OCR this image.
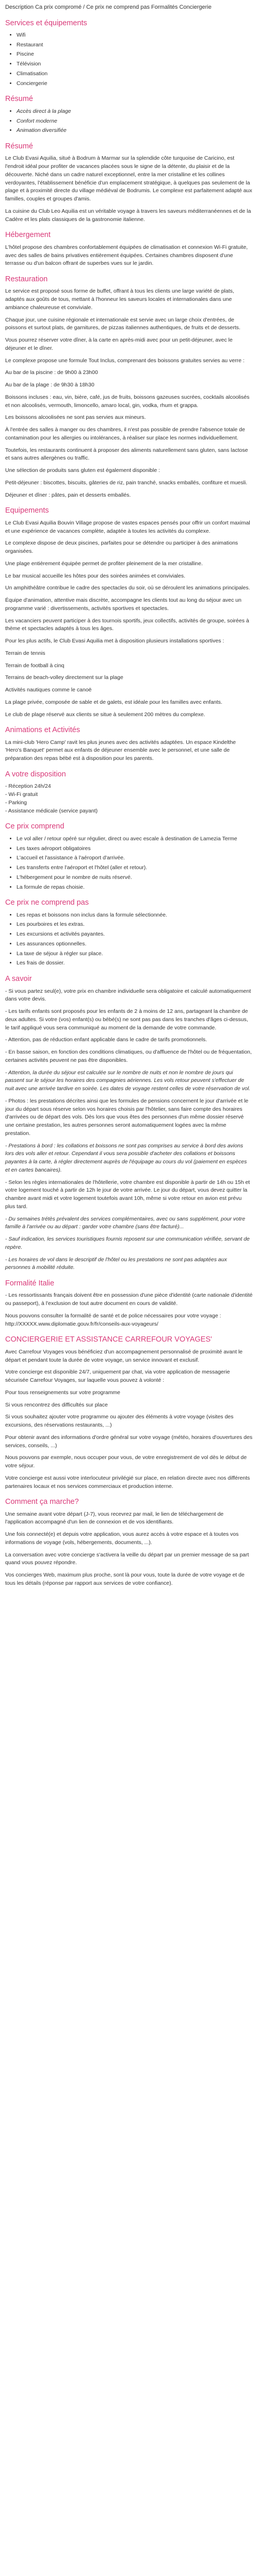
Description Ca prix compromé / Ce prix ne comprend pas Formalités Conciergerie

Services et équipements
• Wifi
• Restaurant
• Piscine
• Télévision
• Climatisation
• Conciergerie
Résumé
• Accès direct à la plage
• Confort moderne
• Animation diversifiée
Résumé

Le Club Evasi Aquilia, situé à Bodrum à Marmar sur la splendide côte turquoise de Caricino, est l'endroit idéal pour profiter de vacances placées sous le signe de la détente, du plaisir et de la découverte. Niché dans un cadre naturel exceptionnel, entre la mer cristalline et les collines verdoyantes, l'établissement bénéficie d'un emplacement stratégique, à quelques pas seulement de la plage et à proximité directe du village médiéval de Bodrumis. Le complexe est parfaitement adapté aux familles, couples et groupes d'amis.

La cuisine du Club Leo Aquilia est un véritable voyage à travers les saveurs méditerranéennes et de la Cadère et les plats classiques de la gastronomie italienne.

Hébergement

L'hôtel propose des chambres confortablement équipées de climatisation et connexion Wi-Fi gratuite, avec des salles de bains privatives entièrement équipées. Certaines chambres disposent d'une terrasse ou d'un balcon offrant de superbes vues sur le jardin.

Restauration

Le service est proposé sous forme de buffet, offrant à tous les clients une large variété de plats, adaptés aux goûts de tous, mettant à l'honneur les saveurs locales et internationales dans une ambiance chaleureuse et conviviale.

Chaque jour, une cuisine régionale et internationale est servie avec un large choix d'entrées, de poissons et surtout plats, de garnitures, de pizzas italiennes authentiques, de fruits et de desserts.

Vous pourrez réserver votre dîner, à la carte en après-midi avec pour un petit-déjeuner, avec le déjeuner et le dîner.

Le complexe propose une formule Tout Inclus, comprenant des boissons gratuites servies au verre :

Au bar de la piscine : de 9h00 à 23h00

Au bar de la plage : de 9h30 à 18h30

Boissons incluses : eau, vin, bière, café, jus de fruits, boissons gazeuses sucrées, cocktails alcoolisés et non alcoolisés, vermouth, limoncello, amaro local, gin, vodka, rhum et grappa.

Les boissons alcoolisées ne sont pas servies aux mineurs.

À l'entrée des salles à manger ou des chambres, il n'est pas possible de prendre l'absence totale de contamination pour les allergies ou intolérances, à réaliser sur place les normes individuellement.

Toutefois, les restaurants continuent à proposer des aliments naturellement sans gluten, sans lactose et sans autres allergènes ou traffic.

Une sélection de produits sans gluten est également disponible :

Petit-déjeuner : biscottes, biscuits, gâteries de riz, pain tranché, snacks emballés, confiture et muesli.

Déjeuner et dîner : pâtes, pain et desserts emballés.

Equipements

Le Club Evasi Aquilia Bouvin Village propose de vastes espaces pensés pour offrir un confort maximal et une expérience de vacances complète, adaptée à toutes les activités du complexe.

Le complexe dispose de deux piscines, parfaites pour se détendre ou participer à des animations organisées.

Une plage entièrement équipée permet de profiter pleinement de la mer cristalline.

Le bar musical accueille les hôtes pour des soirées animées et conviviales.

Un amphithéâtre contribue le cadre des spectacles du soir, où se déroulent les animations principales.

Équipe d'animation, attentive mais discrète, accompagne les clients tout au long du séjour avec un programme varié : divertissements, activités sportives et spectacles.

Les vacanciers peuvent participer à des tournois sportifs, jeux collectifs, activités de groupe, soirées à thème et spectacles adaptés à tous les âges.

Pour les plus actifs, le Club Evasi Aquilia met à disposition plusieurs installations sportives :

Terrain de tennis

Terrain de football à cinq

Terrains de beach-volley directement sur la plage

Activités nautiques comme le canoë

La plage privée, composée de sable et de galets, est idéale pour les familles avec enfants.

Le club de plage réservé aux clients se situe à seulement 200 mètres du complexe.

Animations et Activités

La mini-club 'Hero Camp' ravit les plus jeunes avec des activités adaptées. Un espace Kindelthe 'Hero's Banquet' permet aux enfants de déjeuner ensemble avec le personnel, et une salle de préparation des repas bébé est à disposition pour les parents.

A votre disposition

- Réception 24h/24

- Wi-Fi gratuit

- Parking

- Assistance médicale (service payant)

Ce prix comprend
• Le vol aller / retour opéré sur régulier, direct ou avec escale à destination de Lamezia Terme
• Les taxes aéroport obligatoires
• L'accueil et l'assistance à l'aéroport d'arrivée.
• Les transferts entre l'aéroport et l'hôtel (aller et retour).
• L'hébergement pour le nombre de nuits réservé.
• La formule de repas choisie.
Ce prix ne comprend pas
• Les repas et boissons non inclus dans la formule sélectionnée.
• Les pourboires et les extras.
• Les excursions et activités payantes.
• Les assurances optionnelles.
• La taxe de séjour à régler sur place.
• Les frais de dossier.
A savoir

- Si vous partez seul(e), votre prix en chambre individuelle sera obligatoire et calculé automatiquement dans votre devis.

- Les tarifs enfants sont proposés pour les enfants de 2 à moins de 12 ans, partageant la chambre de deux adultes. Si votre (vos) enfant(s) ou bébé(s) ne sont pas pas dans les tranches d'âges ci-dessus, le tarif appliqué vous sera communiqué au moment de la demande de votre commande.

- Attention, pas de réduction enfant applicable dans le cadre de tarifs promotionnels.

- En basse saison, en fonction des conditions climatiques, ou d'affluence de l'hôtel ou de fréquentation, certaines activités peuvent ne pas être disponibles.

- Attention, la durée du séjour est calculée sur le nombre de nuits et non le nombre de jours qui passent sur le séjour les horaires des compagnies aériennes. Les vols retour peuvent s'effectuer de nuit avec une arrivée tardive en soirée. Les dates de voyage restent celles de votre réservation de vol.

- Photos : les prestations décrites ainsi que les formules de pensions concernent le jour d'arrivée et le jour du départ sous réserve selon vos horaires choisis par l'hôtelier, sans faire compte des horaires d'arrivées ou de départ des vols. Dès lors que vous êtes des personnes d'un même dossier réservé une certaine prestation, les autres personnes seront automatiquement logées avec la même prestation.

- Prestations à bord : les collations et boissons ne sont pas comprises au service à bord des avions lors des vols aller et retour. Cependant il vous sera possible d'acheter des collations et boissons payantes à la carte, à régler directement auprès de l'équipage au cours du vol (paiement en espèces et en cartes bancaires).

- Selon les règles internationales de l'hôtellerie, votre chambre est disponible à partir de 14h ou 15h et votre logement touché à partir de 12h le jour de votre arrivée. Le jour du départ, vous devez quitter la chambre avant midi et votre logement toutefois avant 10h, même si votre retour en avion est prévu plus tard.

- Du semaines trétès prévalent des services complémentaires, avec ou sans supplément, pour votre famille à l'arrivée ou au départ : garder votre chambre (sans être facturé)...

- Sauf indication, les services touristiques fournis reposent sur une communication vérifiée, servant de repère.

- Les horaires de vol dans le descriptif de l'hôtel ou les prestations ne sont pas adaptées aux personnes à mobilité réduite.

Formalité Italie

- Les ressortissants français doivent être en possession d'une pièce d'identité (carte nationale d'identité ou passeport), à l'exclusion de tout autre document en cours de validité.

Nous pouvons consulter la formalité de santé et de police nécessaires pour votre voyage : http://XXXXX.www.diplomatie.gouv.fr/fr/conseils-aux-voyageurs/

CONCIERGERIE ET ASSISTANCE CARREFOUR VOYAGES'

Avec Carrefour Voyages vous bénéficiez d'un accompagnement personnalisé de proximité avant le départ et pendant toute la durée de votre voyage, un service innovant et exclusif.

Votre concierge est disponible 24/7, uniquement par chat, via votre application de messagerie sécurisée Carrefour Voyages, sur laquelle vous pouvez à volonté :

Pour tous renseignements sur votre programme

Si vous rencontrez des difficultés sur place

Si vous souhaitez ajouter votre programme ou ajouter des éléments à votre voyage (visites des excursions, des réservations restaurants, ...)

Pour obtenir avant des informations d'ordre général sur votre voyage (météo, horaires d'ouvertures des services, conseils, ...)

Nous pouvons par exemple, nous occuper pour vous, de votre enregistrement de vol dès le début de votre séjour.

Votre concierge est aussi votre interlocuteur privilégié sur place, en relation directe avec nos différents partenaires locaux et nos services commerciaux et production interne.

Comment ça marche?

Une semaine avant votre départ (J-7), vous recevrez par mail, le lien de téléchargement de l'application accompagné d'un lien de connexion et de vos identifiants.

Une fois connecté(e) et depuis votre application, vous aurez accès à votre espace et à toutes vos informations de voyage (vols, hébergements, documents, ...).

La conversation avec votre concierge s'activera la veille du départ par un premier message de sa part quand vous pouvez répondre.

Vos concierges Web, maximum plus proche, sont là pour vous, toute la durée de votre voyage et de tous les détails (réponse par rapport aux services de votre confiance).
